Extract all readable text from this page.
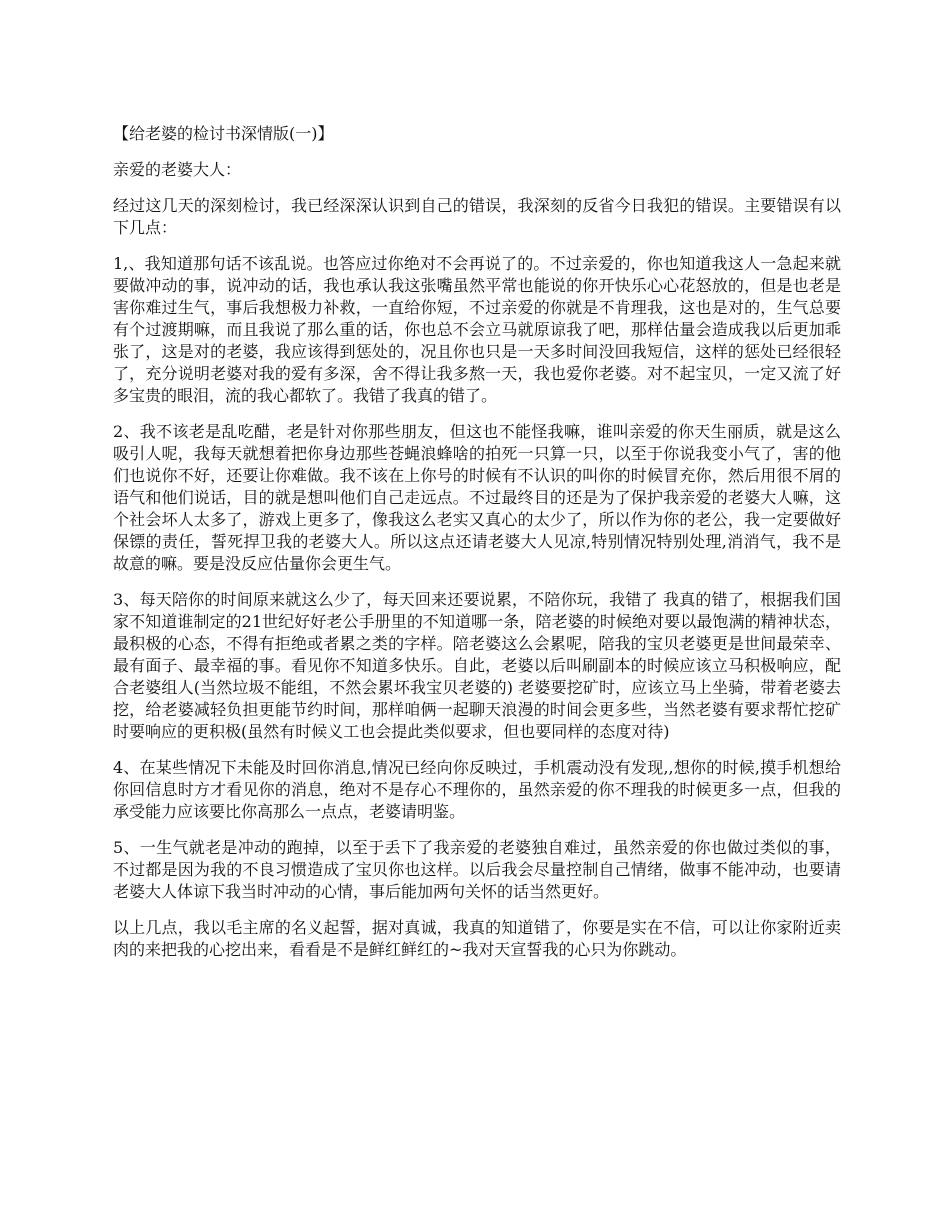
【给老婆的检讨书深情版(一)】

亲爱的老婆大人：

经过这几天的深刻检讨，我已经深深认识到自己的错误，我深刻的反省今日我犯的错误。主要错误有以下几点：

1,、我知道那句话不该乱说。也答应过你绝对不会再说了的。不过亲爱的，你也知道我这人一急起来就要做冲动的事，说冲动的话，我也承认我这张嘴虽然平常也能说的你开快乐心心花怒放的，但是也老是害你难过生气，事后我想极力补救，一直给你短，不过亲爱的你就是不肯理我，这也是对的，生气总要有个过渡期嘛，而且我说了那么重的话，你也总不会立马就原谅我了吧，那样估量会造成我以后更加乖张了，这是对的老婆，我应该得到惩处的，况且你也只是一天多时间没回我短信，这样的惩处已经很轻了，充分说明老婆对我的爱有多深，舍不得让我多熬一天，我也爱你老婆。对不起宝贝，一定又流了好多宝贵的眼泪，流的我心都软了。我错了我真的错了。

2、我不该老是乱吃醋，老是针对你那些朋友，但这也不能怪我嘛，谁叫亲爱的你天生丽质，就是这么吸引人呢，我每天就想着把你身边那些苍蝇浪蜂啥的拍死一只算一只，以至于你说我变小气了，害的他们也说你不好，还要让你难做。我不该在上你号的时候有不认识的叫你的时候冒充你，然后用很不屑的语气和他们说话，目的就是想叫他们自己走远点。不过最终目的还是为了保护我亲爱的老婆大人嘛，这个社会坏人太多了，游戏上更多了，像我这么老实又真心的太少了，所以作为你的老公，我一定要做好保镖的责任，誓死捍卫我的老婆大人。所以这点还请老婆大人见凉,特别情况特别处理,消消气，我不是故意的嘛。要是没反应估量你会更生气。

3、每天陪你的时间原来就这么少了，每天回来还要说累，不陪你玩，我错了 我真的错了，根据我们国家不知道谁制定的21世纪好好老公手册里的不知道哪一条，陪老婆的时候绝对要以最饱满的精神状态，最积极的心态，不得有拒绝或者累之类的字样。陪老婆这么会累呢，陪我的宝贝老婆更是世间最荣幸、最有面子、最幸福的事。看见你不知道多快乐。自此，老婆以后叫刷副本的时候应该立马积极响应，配合老婆组人(当然垃圾不能组，不然会累坏我宝贝老婆的) 老婆要挖矿时，应该立马上坐骑，带着老婆去挖，给老婆减轻负担更能节约时间，那样咱俩一起聊天浪漫的时间会更多些，当然老婆有要求帮忙挖矿时要响应的更积极(虽然有时候义工也会提此类似要求，但也要同样的态度对待)

4、在某些情况下未能及时回你消息,情况已经向你反映过，手机震动没有发现,,想你的时候,摸手机想给你回信息时方才看见你的消息，绝对不是存心不理你的，虽然亲爱的你不理我的时候更多一点，但我的承受能力应该要比你高那么一点点，老婆请明鉴。

5、一生气就老是冲动的跑掉，以至于丢下了我亲爱的老婆独自难过，虽然亲爱的你也做过类似的事，不过都是因为我的不良习惯造成了宝贝你也这样。以后我会尽量控制自己情绪，做事不能冲动，也要请老婆大人体谅下我当时冲动的心情，事后能加两句关怀的话当然更好。

以上几点，我以毛主席的名义起誓，据对真诚，我真的知道错了，你要是实在不信，可以让你家附近卖肉的来把我的心挖出来，看看是不是鲜红鲜红的~我对天宣誓我的心只为你跳动。
